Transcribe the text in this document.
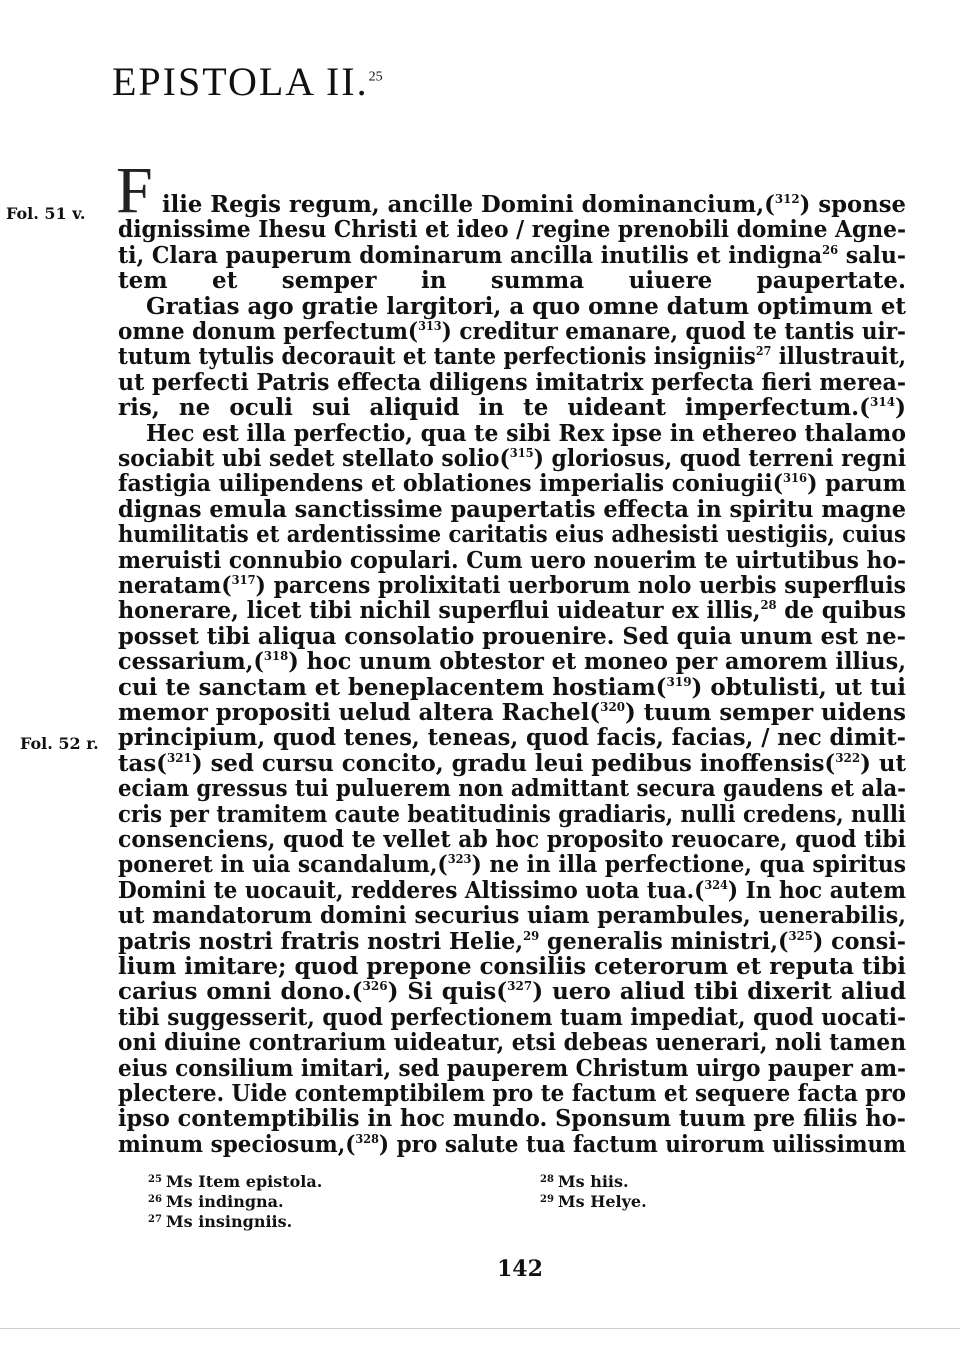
EPISTOLA II.$^{25}$
F
Fol. 51 v.
Fol. 52 r.
ilie Regis regum, ancille Domini dominancium,($^{312}$) sponse
dignissime Ihesu Christi et ideo / regine prenobili domine Agne-
ti, Clara pauperum dominarum ancilla inutilis et indigna$^{26}$ salu-
tem et semper in summa uiuere paupertate.
Gratias ago gratie largitori, a quo omne datum optimum et
omne donum perfectum($^{313}$) creditur emanare, quod te tantis uir-
tutum tytulis decorauit et tante perfectionis insigniis$^{27}$ illustrauit,
ut perfecti Patris effecta diligens imitatrix perfecta fieri merea-
ris, ne oculi sui aliquid in te uideant imperfectum.($^{314}$)
Hec est illa perfectio, qua te sibi Rex ipse in ethereo thalamo
sociabit ubi sedet stellato solio($^{315}$) gloriosus, quod terreni regni
fastigia uilipendens et oblationes imperialis coniugii($^{316}$) parum
dignas emula sanctissime paupertatis effecta in spiritu magne
humilitatis et ardentissime caritatis eius adhesisti uestigiis, cuius
meruisti connubio copulari. Cum uero nouerim te uirtutibus ho-
neratam($^{317}$) parcens prolixitati uerborum nolo uerbis superfluis
honerare, licet tibi nichil superflui uideatur ex illis,$^{28}$ de quibus
posset tibi aliqua consolatio prouenire. Sed quia unum est ne-
cessarium,($^{318}$) hoc unum obtestor et moneo per amorem illius,
cui te sanctam et beneplacentem hostiam($^{319}$) obtulisti, ut tui
memor propositi uelud altera Rachel($^{320}$) tuum semper uidens
principium, quod tenes, teneas, quod facis, facias, / nec dimit-
tas($^{321}$) sed cursu concito, gradu leui pedibus inoffensis($^{322}$) ut
eciam gressus tui puluerem non admittant secura gaudens et ala-
cris per tramitem caute beatitudinis gradiaris, nulli credens, nulli
consenciens, quod te vellet ab hoc proposito reuocare, quod tibi
poneret in uia scandalum,($^{323}$) ne in illa perfectione, qua spiritus
Domini te uocauit, redderes Altissimo uota tua.($^{324}$) In hoc autem
ut mandatorum domini securius uiam perambules, uenerabilis,
patris nostri fratris nostri Helie,$^{29}$ generalis ministri,($^{325}$) consi-
lium imitare; quod prepone consiliis ceterorum et reputa tibi
carius omni dono.($^{326}$) Si quis($^{327}$) uero aliud tibi dixerit aliud
tibi suggesserit, quod perfectionem tuam impediat, quod uocati-
oni diuine contrarium uideatur, etsi debeas uenerari, noli tamen
eius consilium imitari, sed pauperem Christum uirgo pauper am-
plectere. Uide contemptibilem pro te factum et sequere facta pro
ipso contemptibilis in hoc mundo. Sponsum tuum pre filiis ho-
minum speciosum,($^{328}$) pro salute tua factum uirorum uilissimum
$^{25}$ Ms Item epistola.
$^{26}$ Ms indingna.
$^{27}$ Ms insingniis.
$^{28}$ Ms hiis.
$^{29}$ Ms Helye.
142
